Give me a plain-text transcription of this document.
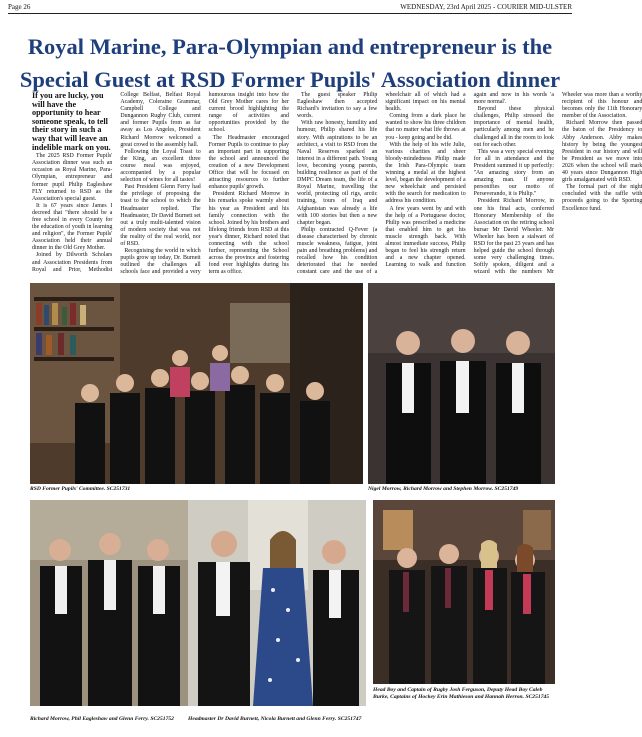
Page 26	WEDNESDAY, 23rd April 2025 - COURIER MID-ULSTER
Royal Marine, Para-Olympian and entrepreneur is the Special Guest at RSD Former Pupils' Association dinner

If you are lucky, you will have the opportunity to hear someone speak, to tell their story in such a way that will leave an indelible mark on you.

The 2025 RSD Former Pupils' Association dinner was such an occasion as Royal Marine, Para-Olympian, entrepreneur and former pupil Philip Eagleshaw FLY returned to RSD as the Association's special guest.

It is 67 years since James I decreed that "there should be a free school in every County for the education of youth in learning and religion", the Former Pupils' Association held their annual dinner in the Old Grey Mother.

Joined by Dilworth Scholars and Association Presidents from Royal and Prior, Methodist College Belfast, Belfast Royal Academy, Coleraine Grammar, Campbell College and Dungannon Rugby Club, current and former Pupils from as far away as Los Angeles, President Richard Morrow welcomed a great crowd to the assembly hall.

Following the Loyal Toast to the King, an excellent three course meal was enjoyed, accompanied by a popular selection of wines for all tastes!

Past President Glenn Ferry had the privilege of proposing the toast to the school to which the Headmaster replied. The Headmaster, Dr David Burnett set out a truly multi-talented vision of modern society that was not the reality of the real world, nor of RSD.

Recognising the world in which pupils grow up today, Dr. Burnett outlined the challenges all schools face and provided a very humourous insight into how the Old Grey Mother cares for her current brood highlighting the range of activities and opportunities provided by the school.

The Headmaster encouraged Former Pupils to continue to play an important part in supporting the school and announced the creation of a new Development Office that will be focused on attracting resources to further enhance pupils' growth.

President Richard Morrow in his remarks spoke warmly about his year as President and his family connection with the school. Joined by his brothers and lifelong friends from RSD at this year's dinner, Richard noted that connecting with the school further, representing the School across the province and fostering fond ever highlights during his term as office.

The guest speaker Philip Eagleshaw then accepted Richard's invitation to say a few words.

With raw honesty, humility and humour, Philip shared his life story. With aspirations to be an architect, a visit to RSD from the Naval Reserves sparked an interest in a different path. Young love, becoming young parents, building resilience as part of the DMPC Dream team, the life of a Royal Marine, travelling the world, protecting oil rigs, arctic training, tours of Iraq and Afghanistan was already a life with 100 stories but then a new chapter began.

Philip contracted Q-Fever (a disease characterised by chronic muscle weakness, fatigue, joint pain and breathing problems) and recalled how his condition deteriorated that he needed constant care and the use of a wheelchair all of which had a significant impact on his mental health.

Coming from a dark place he wanted to show his three children that no matter what life throws at you - keep going and be did.

With the help of his wife Julie, various charities and sheer bloody-mindedness Philip made the Irish Para-Olympic team winning a medal at the highest level, began the development of a new wheelchair and persisted with the search for medication to address his condition.

A few years went by and with the help of a Portuguese doctor, Philip was prescribed a medicine that enabled him to get his muscle strength back. With almost immediate success, Philip began to feel his strength return and a new chapter opened. Learning to walk and function again and now in his words 'a more normal'.

Beyond these physical challenges, Philip stressed the importance of mental health, particularly among men and he challenged all in the room to look out for each other.

This was a very special evening for all in attendance and the President summed it up perfectly: "An amazing story from an amazing man. If anyone personifies our motto of Perseverando, it is Philip."

President Richard Morrow, in one his final acts, conferred Honorary Membership of the Association on the retiring school bursar Mr David Wheeler. Mr Wheeler has been a stalwart of RSD for the past 23 years and has helped guide the school through some very challenging times. Softly spoken, diligent and a wizard with the numbers Mr Wheeler was more than a worthy recipient of this honour and becomes only the 11th Honorary member of the Association.

Richard Morrow then passed the baton of the Presidency to Abby Anderson. Abby makes history by being the youngest President in our history and will be President as we move into 2026 when the school will mark 40 years since Dungannon High girls amalgamated with RSD.

The formal part of the night concluded with the raffle with proceeds going to the Sporting Excellence fund.

RSD Former Pupils' Committee. SC251731	Nigel Morrow, Richard Morrow and Stephen Morrow. SC251749
Richard Morrow, Phil Eagleshaw and Glenn Ferry. SC251752	Headmaster Dr David Burnett, Nicola Burnett and Glenn Ferry. SC251747
Head Boy and Captain of Rugby Josh Ferguson, Deputy Head Boy Caleb Burke, Captains of Hockey Erin Mathieson and Hannah Herron. SC251745
